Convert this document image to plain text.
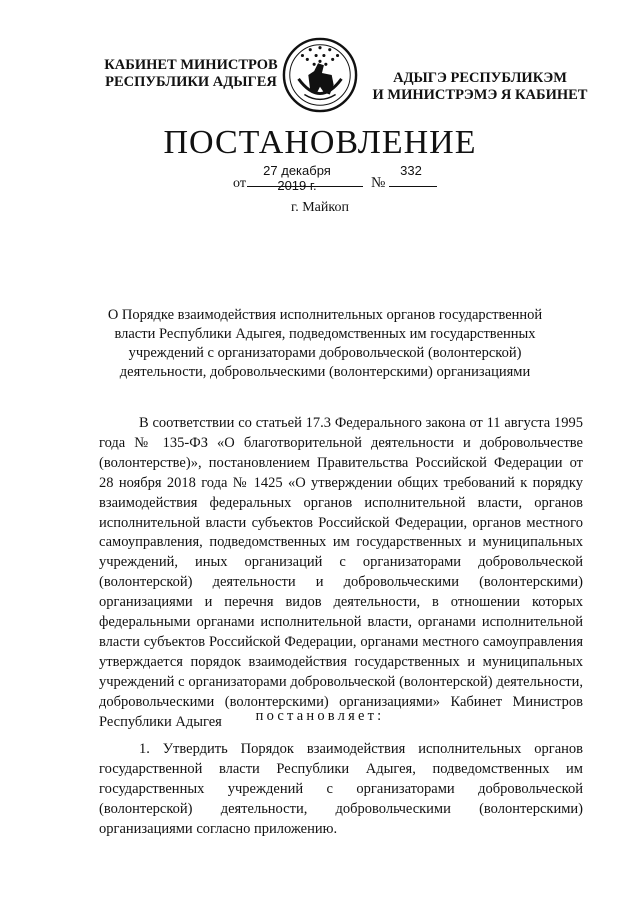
КАБИНЕТ МИНИСТРОВ
РЕСПУБЛИКИ АДЫГЕЯ	АДЫГЭ РЕСПУБЛИКЭМ
И МИНИСТРЭМЭ Я КАБИНЕТ
ПОСТАНОВЛЕНИЕ
от
27 декабря 2019 г.	№
332
г. Майкоп
О Порядке взаимодействия исполнительных органов государственной власти Республики Адыгея, подведомственных им государственных учреждений с организаторами добровольческой (волонтерской) деятельности, добровольческими (волонтерскими) организациями

В соответствии со статьей 17.3 Федерального закона от 11 августа 1995 года № 135-ФЗ «О благотворительной деятельности и добровольчестве (волонтерстве)», постановлением Правительства Российской Федерации от 28 ноября 2018 года № 1425 «О утверждении общих требований к порядку взаимодействия федеральных органов исполнительной власти, органов исполнительной власти субъектов Российской Федерации, органов местного самоуправления, подведомственных им государственных и муниципальных учреждений, иных организаций с организаторами добровольческой (волонтерской) деятельности и добровольческими (волонтерскими) организациями и перечня видов деятельности, в отношении которых федеральными органами исполнительной власти, органами исполнительной власти субъектов Российской Федерации, органами местного самоуправления утверждается порядок взаимодействия государственных и муниципальных учреждений с организаторами добровольческой (волонтерской) деятельности, добровольческими (волонтерскими) организациями» Кабинет Министров Республики Адыгея	постановляет:
1. Утвердить Порядок взаимодействия исполнительных органов государственной власти Республики Адыгея, подведомственных им государственных учреждений с организаторами добровольческой (волонтерской) деятельности, добровольческими (волонтерскими) организациями согласно приложению.
